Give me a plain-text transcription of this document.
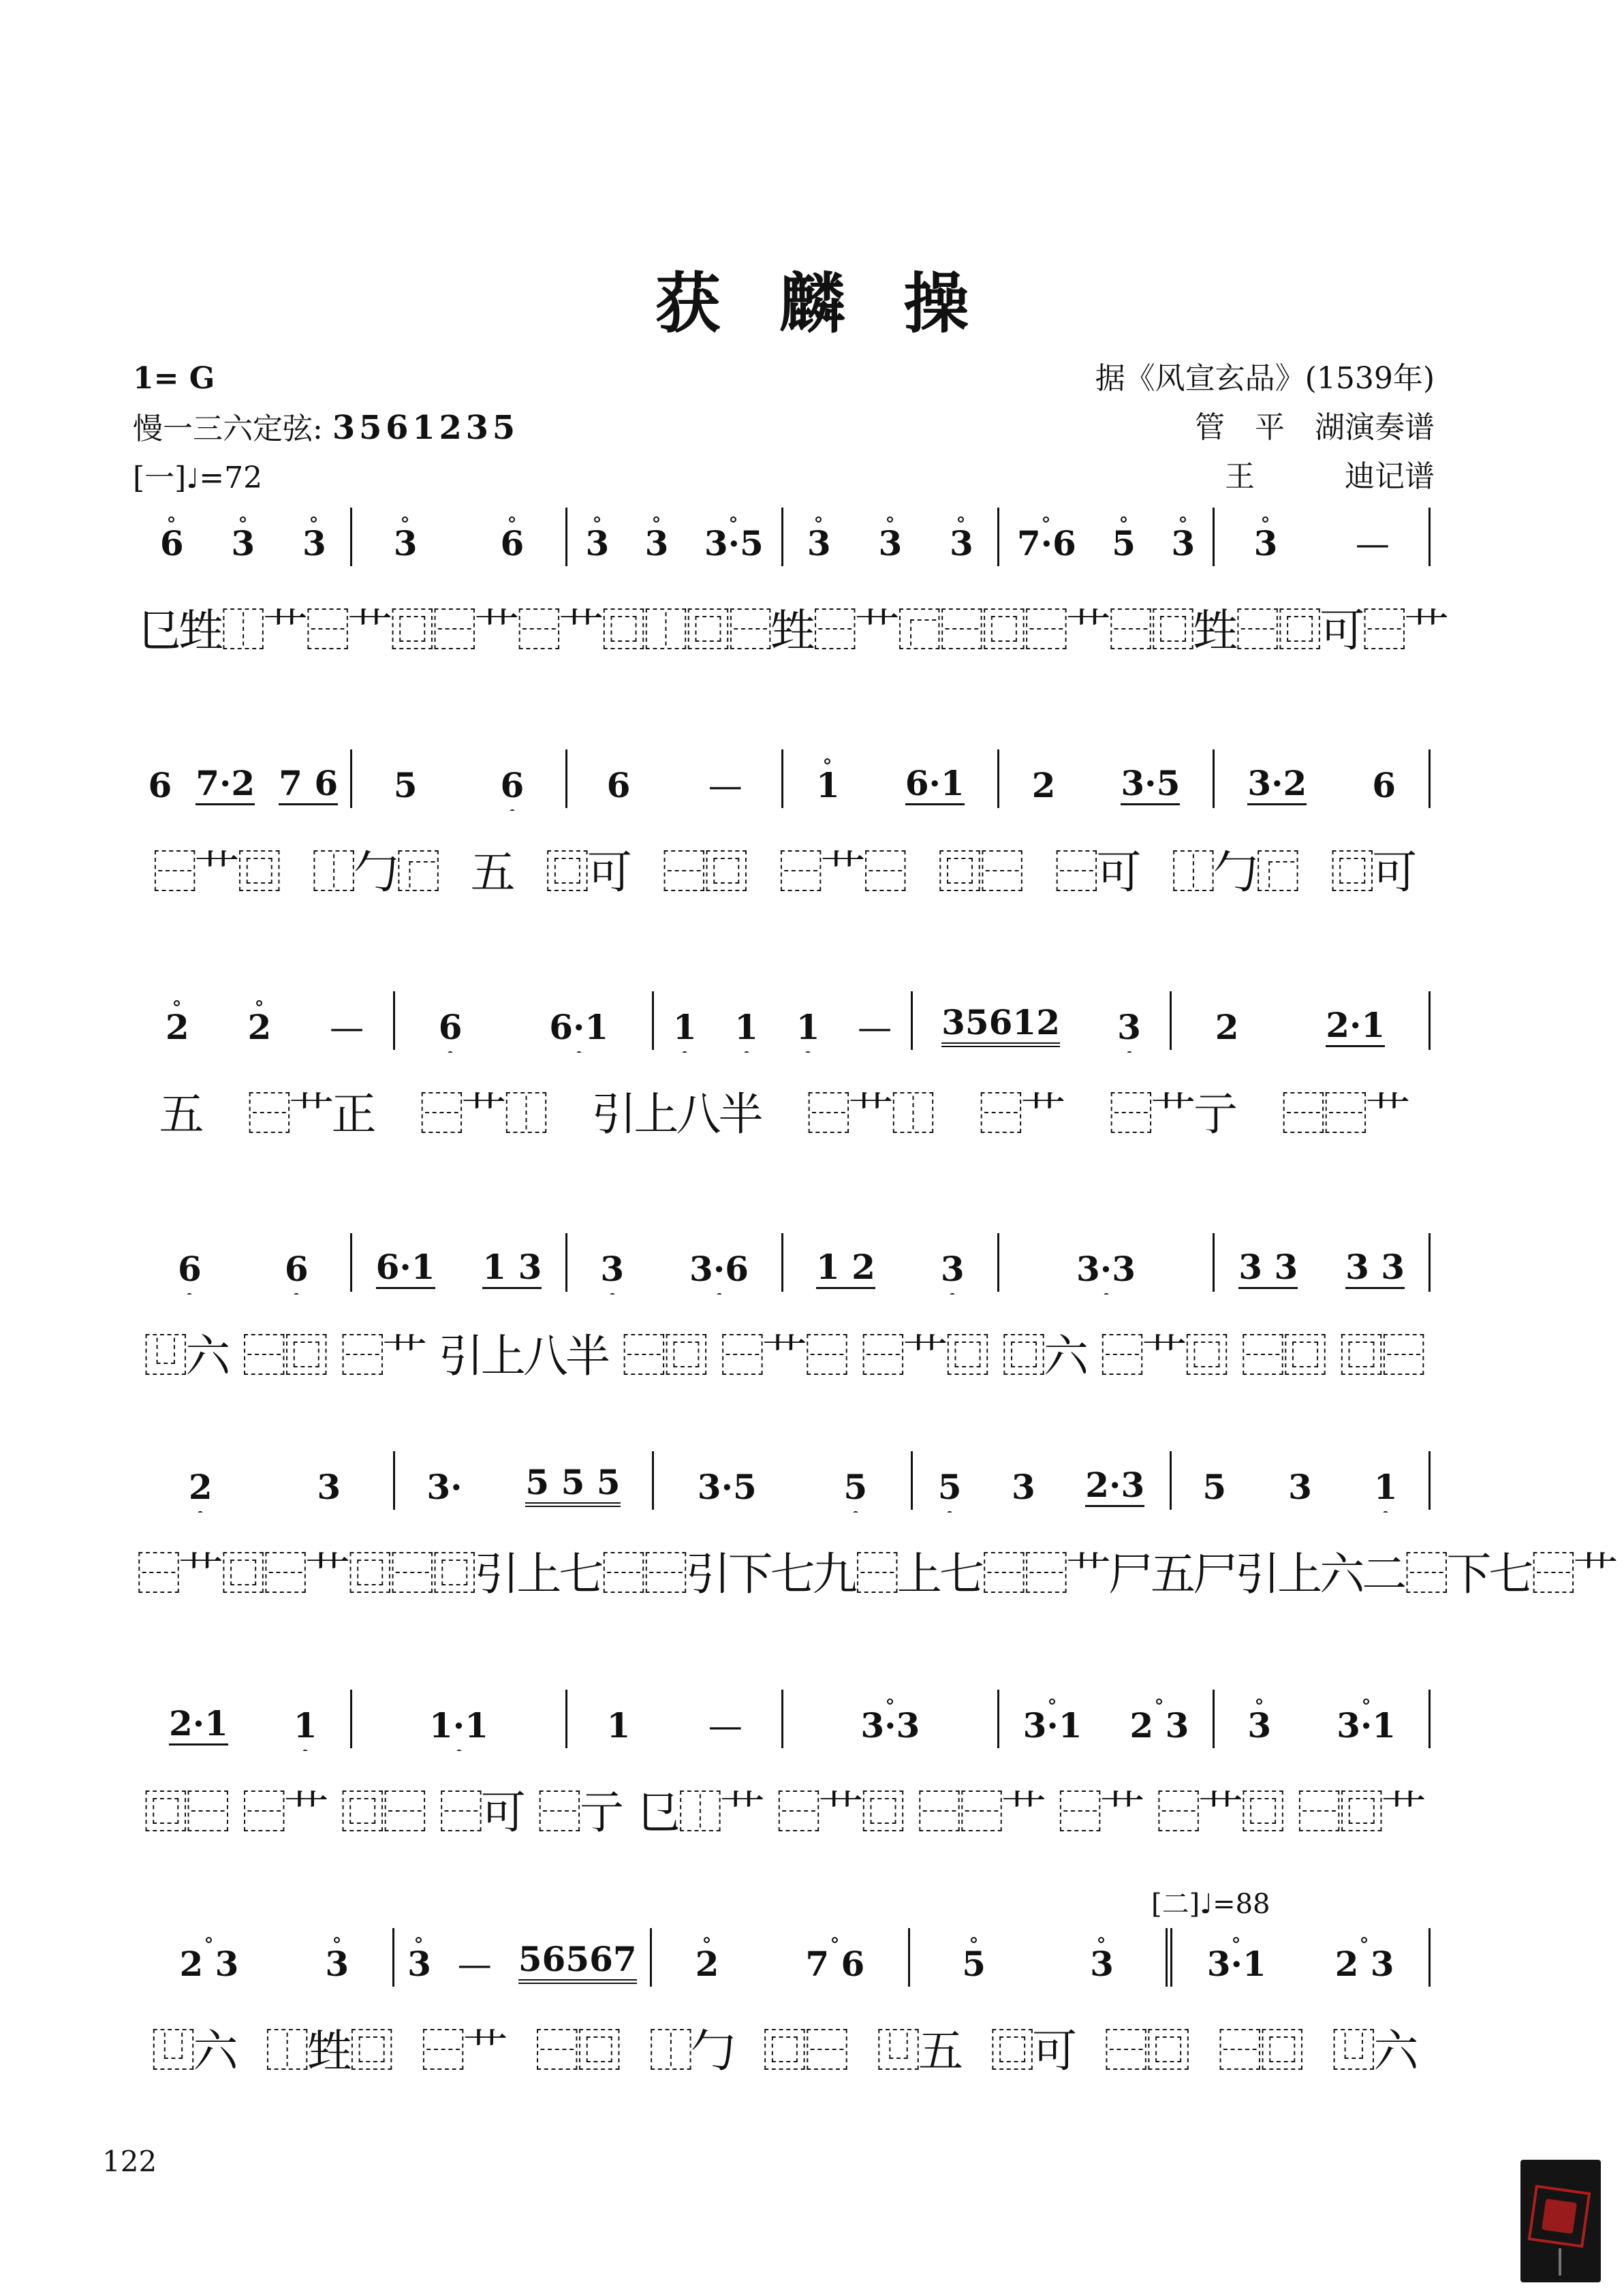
获麟操
1= G
慢一三六定弦: 3561235
[一]♩=72
据《风宣玄品》(1539年)
管　平　湖演奏谱
王　　　迪记谱
6 3 3 3 6 3 3 3·5 3 3 3 7·6 5 3 3 —
㔾甡⿰艹 ⿱艹⿴ ⿱艹 ⿱艹⿴ ⿰⿴⿱甡 ⿱艹⿸ ⿱⿴⿱艹 ⿱⿴甡 ⿱⿴可 ⿱艹
6 7·2 7 6 5 6 6 — 1 6·1 2 3·5 3·2 6
⿱艹⿴ ⿰勹⿸ 五 ⿴可 ⿱⿴ ⿱艹⿱ ⿴⿱ ⿱可 ⿰勹⿸ ⿴可
2 2 — 6	6·1 1 1 1 — 35612 3 2	2·1
五 ⿱艹正 ⿱艹⿰ 引上八半 ⿱艹⿰ ⿱艹 ⿱艹亍 ⿱⿱艹
6 6 6·1 1 3 3 3·6 1 2 3	3·3	3 3 3 3
⿶六 ⿱⿴ ⿱艹 引上八半 ⿱⿴ ⿱艹⿱ ⿱艹⿴ ⿴六 ⿱艹⿴ ⿱⿴ ⿴⿱
2	3	3· 5 5 5 3·5	5 5 3 2·3 5 3 1
⿱艹⿴ ⿱艹⿴ ⿱⿴ 引上七 ⿱⿱ 引下七九 ⿱上七 ⿱ ⿱艹尸 五尸 引上六二 ⿱下七 ⿱艹
2·1 1	1·1	1 —	3·3	3·1 2 3 3 3·1
⿴⿱ ⿱艹 ⿴⿱ ⿱可 ⿱亍 㔾⿰艹 ⿱艹⿴ ⿱⿱艹 ⿱艹 ⿱艹⿴ ⿱⿴艹
2 3	3 3 — 56567 2	7 6	5	3	3·1 2 3
⿶六 ⿰甡⿴ ⿱艹 ⿱⿴ ⿰勹 ⿴⿱ ⿶五 ⿴可 ⿱⿴ ⿱⿴ ⿶六
[二]♩=88
122
